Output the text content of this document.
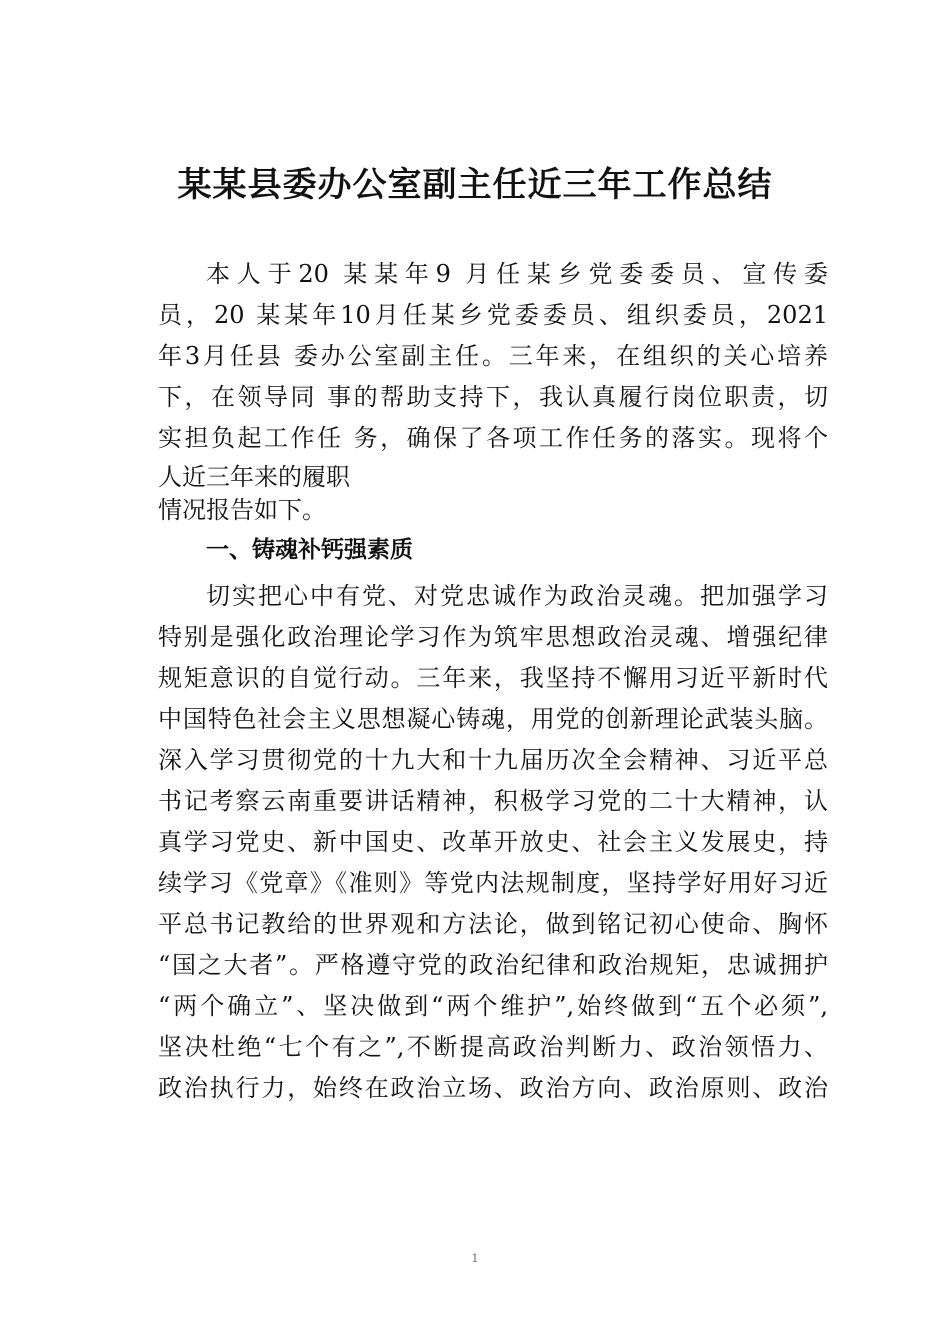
某某县委办公室副主任近三年工作总结

本人于20 某某年9 月任某乡党委委员、宣传委

员，20 某某年10月任某乡党委委员、组织委员，2021

年3月任县 委办公室副主任。三年来，在组织的关心培养

下，在领导同 事的帮助支持下，我认真履行岗位职责，切

实担负起工作任 务，确保了各项工作任务的落实。现将个

人近三年来的履职

情况报告如下。

一、铸魂补钙强素质

切实把心中有党、对党忠诚作为政治灵魂。把加强学习

特别是强化政治理论学习作为筑牢思想政治灵魂、增强纪律

规矩意识的自觉行动。三年来，我坚持不懈用习近平新时代

中国特色社会主义思想凝心铸魂，用党的创新理论武装头脑。

深入学习贯彻党的十九大和十九届历次全会精神、习近平总

书记考察云南重要讲话精神，积极学习党的二十大精神，认

真学习党史、新中国史、改革开放史、社会主义发展史，持

续学习《党章》《准则》等党内法规制度，坚持学好用好习近

平总书记教给的世界观和方法论，做到铭记初心使命、胸怀

“国之大者”。严格遵守党的政治纪律和政治规矩，忠诚拥护

“两个确立”、坚决做到“两个维护”,始终做到“五个必须”,

坚决杜绝“七个有之”,不断提高政治判断力、政治领悟力、

政治执行力，始终在政治立场、政治方向、政治原则、政治

1
